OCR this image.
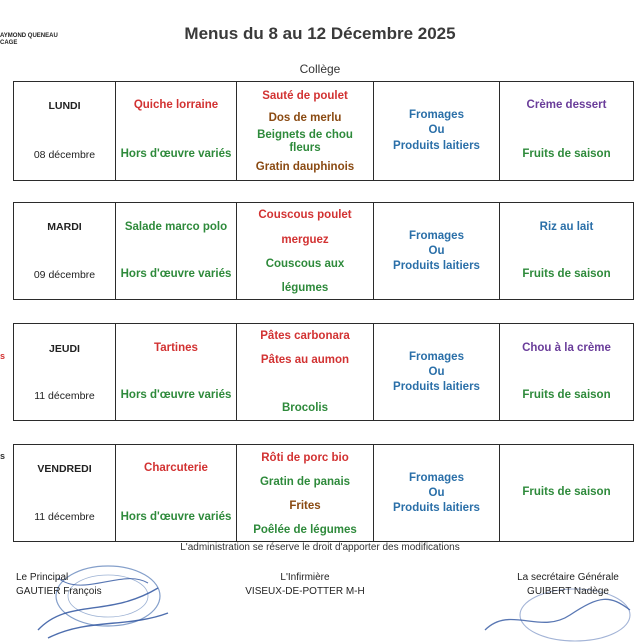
AYMOND QUENEAU
CAGE	Menus du 8 au 12 Décembre 2025
Collège
s
s
LUNDI
08 décembre

Quiche lorraine
Hors d'œuvre variés

Sauté de poulet
Dos de merlu
Beignets de chou fleurs
Gratin dauphinois

Fromages
Ou
Produits laitiers

Crème dessert
Fruits de saison
MARDI
09 décembre

Salade marco polo
Hors d'œuvre variés

Couscous poulet
merguez
Couscous aux
légumes

Fromages
Ou
Produits laitiers

Riz au lait
Fruits de saison
JEUDI
11 décembre

Tartines
Hors d'œuvre variés

Pâtes carbonara
Pâtes au aumon
Brocolis

Fromages
Ou
Produits laitiers

Chou à la crème
Fruits de saison
VENDREDI
11 décembre

Charcuterie
Hors d'œuvre variés

Rôti de porc bio
Gratin de panais
Frites
Poêlée de légumes

Fromages
Ou
Produits laitiers

Fruits de saison
L'administration se réserve le droit d'apporter des modifications
Le Principal
GAUTIER François
L'Infirmière
VISEUX-DE-POTTER M-H
La secrétaire Générale
GUIBERT Nadège
